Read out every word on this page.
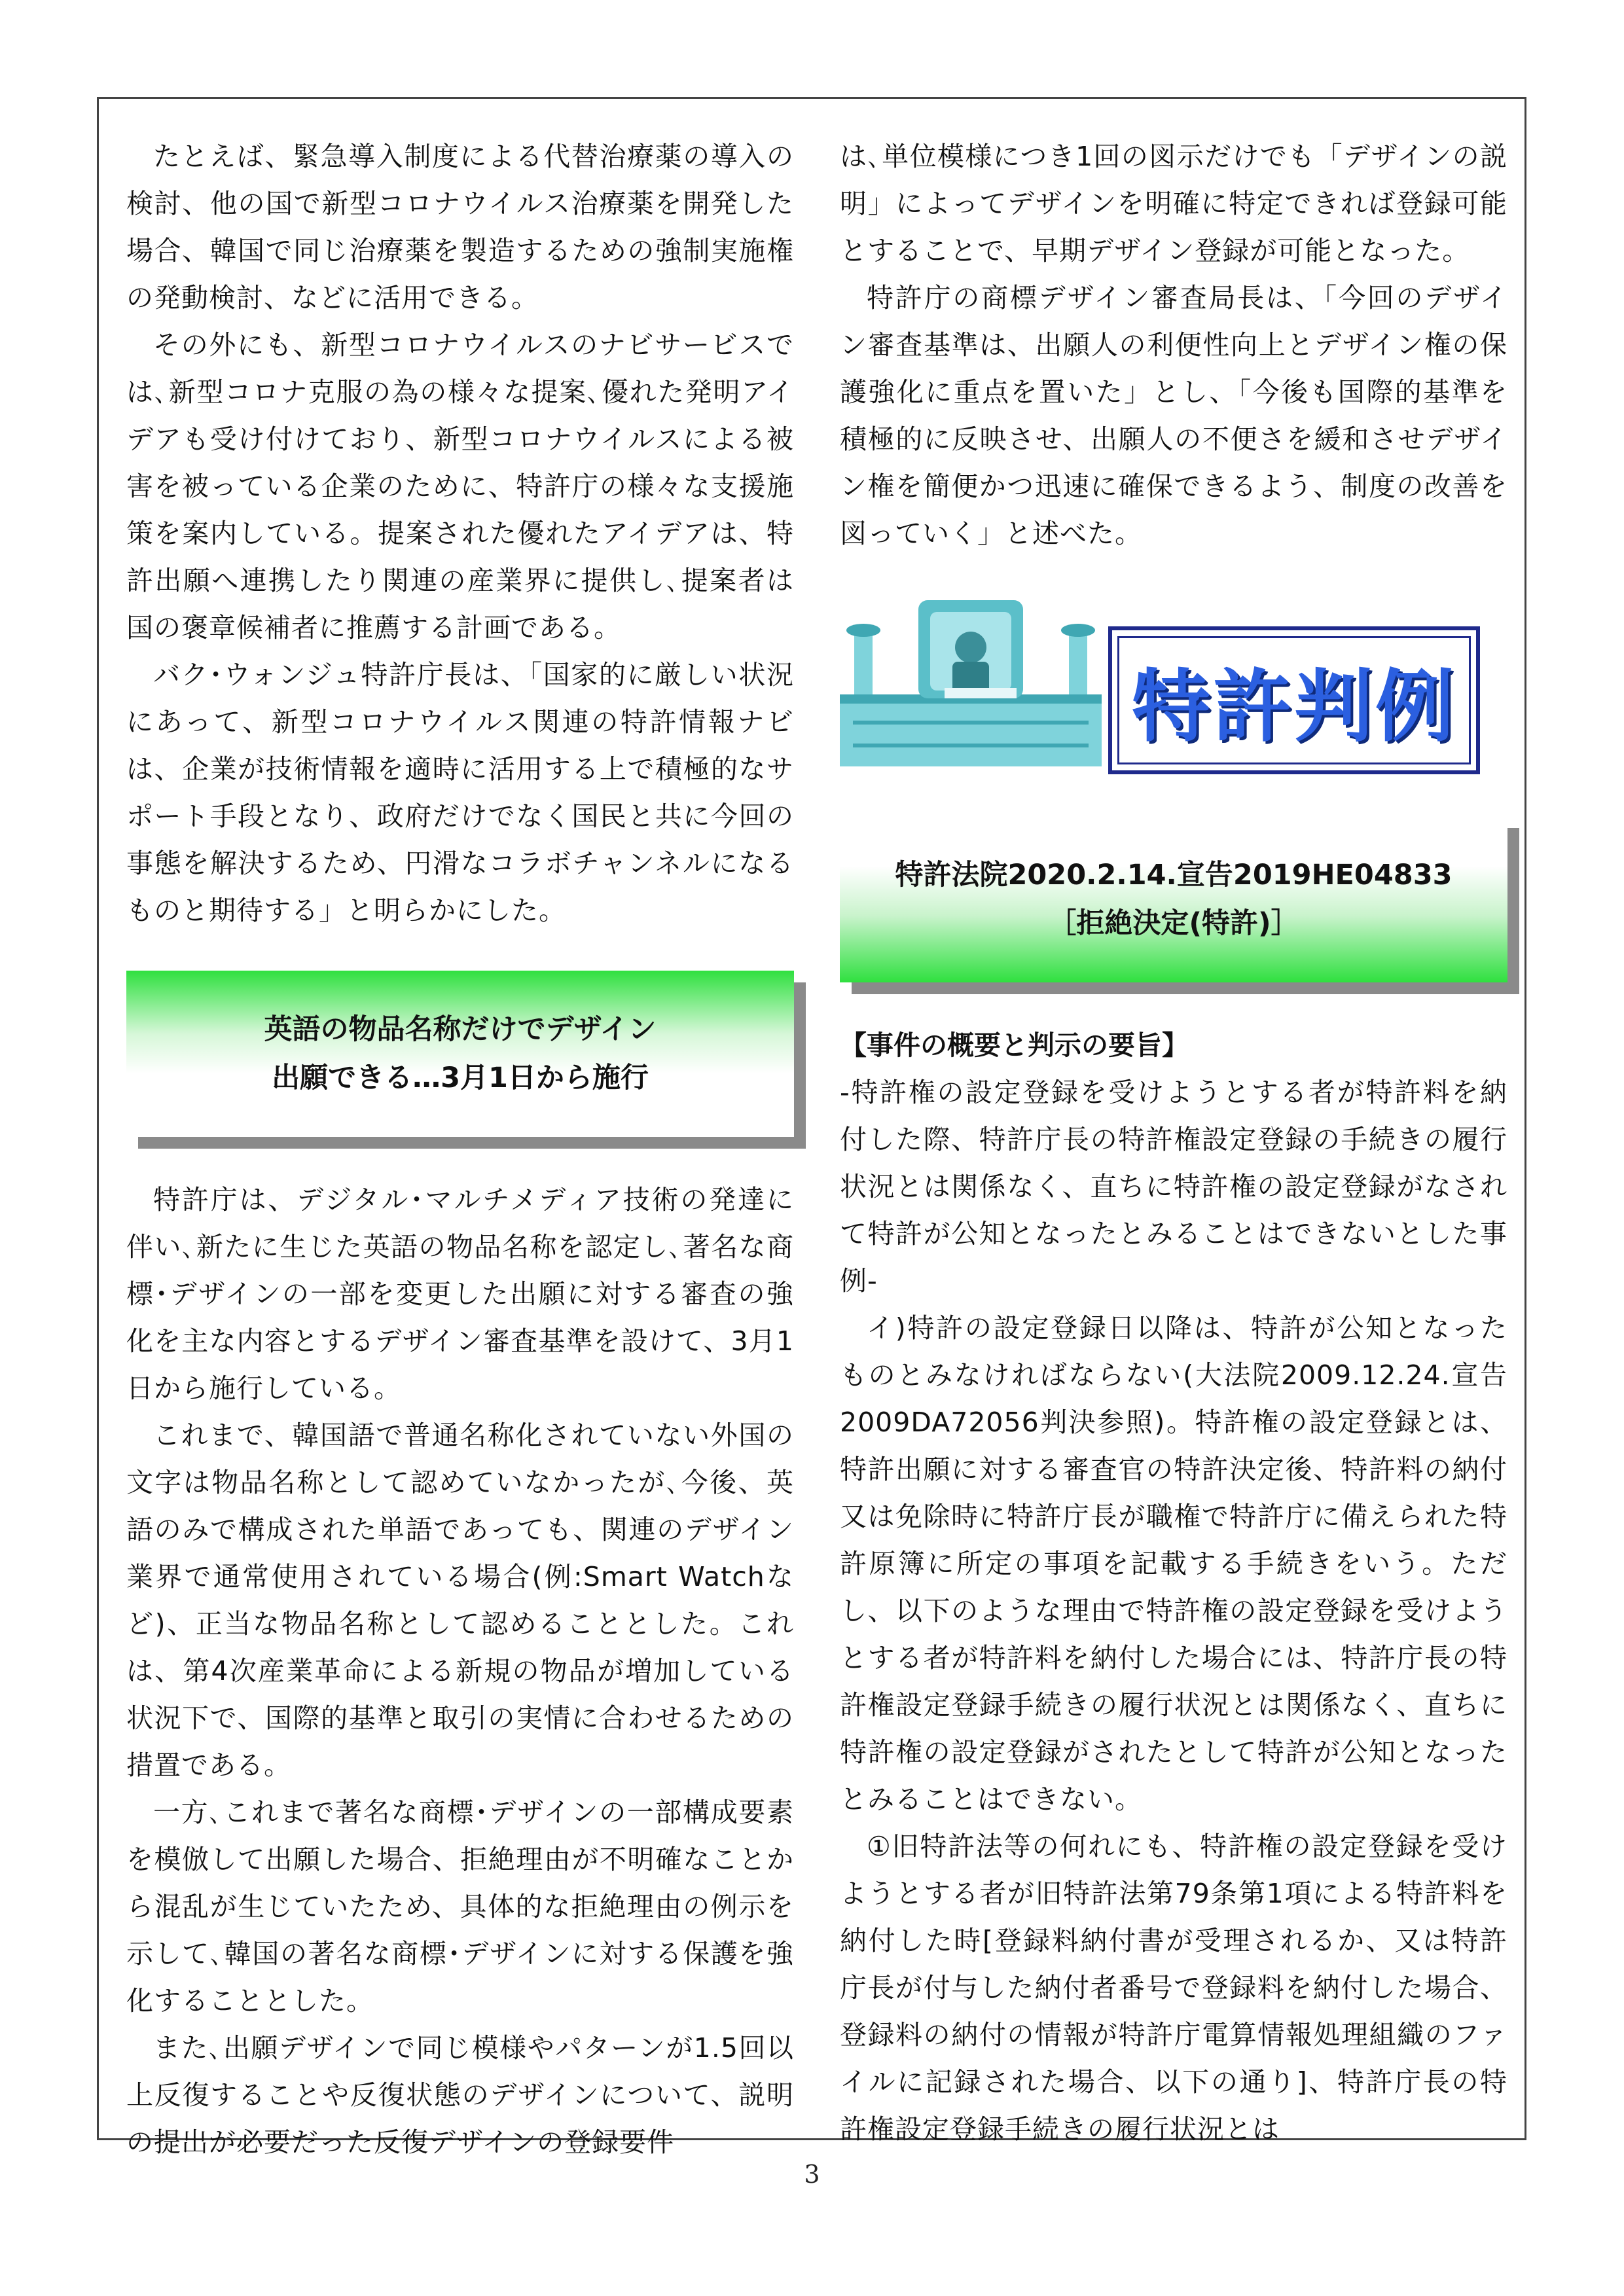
たとえば、緊急導入制度による代替治療薬の導入の検討、他の国で新型コロナウイルス治療薬を開発した場合、韓国で同じ治療薬を製造するための強制実施権の発動検討、などに活用できる。

その外にも、新型コロナウイルスのナビサービスでは､新型コロナ克服の為の様々な提案､優れた発明アイデアも受け付けており、新型コロナウイルスによる被害を被っている企業のために、特許庁の様々な支援施策を案内している。提案された優れたアイデアは、特許出願へ連携したり関連の産業界に提供し､提案者は国の褒章候補者に推薦する計画である。

バク･ウォンジュ特許庁長は、「国家的に厳しい状況にあって、新型コロナウイルス関連の特許情報ナビは、企業が技術情報を適時に活用する上で積極的なサポート手段となり、政府だけでなく国民と共に今回の事態を解決するため、円滑なコラボチャンネルになるものと期待する」と明らかにした。

英語の物品名称だけでデザイン
出願できる…3月1日から施行

特許庁は、デジタル･マルチメディア技術の発達に伴い､新たに生じた英語の物品名称を認定し､著名な商標･デザインの一部を変更した出願に対する審査の強化を主な内容とするデザイン審査基準を設けて、3月1日から施行している。

これまで、韓国語で普通名称化されていない外国の文字は物品名称として認めていなかったが､今後、英語のみで構成された単語であっても、関連のデザイン業界で通常使用されている場合(例:Smart Watchなど)、正当な物品名称として認めることとした。これは、第4次産業革命による新規の物品が増加している状況下で、国際的基準と取引の実情に合わせるための措置である。

一方､これまで著名な商標･デザインの一部構成要素を模倣して出願した場合、拒絶理由が不明確なことから混乱が生じていたため、具体的な拒絶理由の例示を示して､韓国の著名な商標･デザインに対する保護を強化することとした。

また､出願デザインで同じ模様やパターンが1.5回以上反復することや反復状態のデザインについて、説明の提出が必要だった反復デザインの登録要件

は､単位模様につき1回の図示だけでも「デザインの説明」によってデザインを明確に特定できれば登録可能とすることで、早期デザイン登録が可能となった。

特許庁の商標デザイン審査局長は、「今回のデザイン審査基準は、出願人の利便性向上とデザイン権の保護強化に重点を置いた」とし、「今後も国際的基準を積極的に反映させ、出願人の不便さを緩和させデザイン権を簡便かつ迅速に確保できるよう、制度の改善を図っていく」と述べた。

特許判例
特許法院2020.2.14.宣告2019HE04833
［拒絶決定(特許)］

【事件の概要と判示の要旨】

-特許権の設定登録を受けようとする者が特許料を納付した際、特許庁長の特許権設定登録の手続きの履行状況とは関係なく、直ちに特許権の設定登録がなされて特許が公知となったとみることはできないとした事例-

イ)特許の設定登録日以降は、特許が公知となったものとみなければならない(大法院2009.12.24.宣告2009DA72056判決参照)。特許権の設定登録とは、特許出願に対する審査官の特許決定後、特許料の納付又は免除時に特許庁長が職権で特許庁に備えられた特許原簿に所定の事項を記載する手続きをいう。ただし、以下のような理由で特許権の設定登録を受けようとする者が特許料を納付した場合には、特許庁長の特許権設定登録手続きの履行状況とは関係なく、直ちに特許権の設定登録がされたとして特許が公知となったとみることはできない。

①旧特許法等の何れにも、特許権の設定登録を受けようとする者が旧特許法第79条第1項による特許料を納付した時[登録料納付書が受理されるか、又は特許庁長が付与した納付者番号で登録料を納付した場合、登録料の納付の情報が特許庁電算情報処理組織のファイルに記録された場合、以下の通り]、特許庁長の特許権設定登録手続きの履行状況とは

3
